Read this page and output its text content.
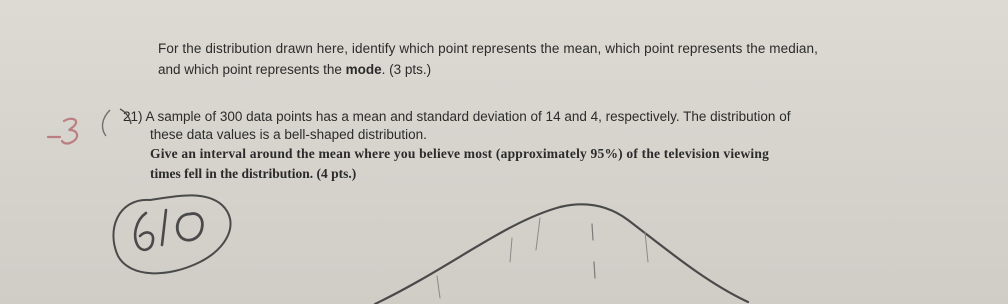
For the distribution drawn here, identify which point represents the mean, which point represents the median,
and which point represents the mode. (3 pts.)
21) A sample of 300 data points has a mean and standard deviation of 14 and 4, respectively. The distribution of
these data values is a bell-shaped distribution.
Give an interval around the mean where you believe most (approximately 95%) of the television viewing
times fell in the distribution. (4 pts.)
